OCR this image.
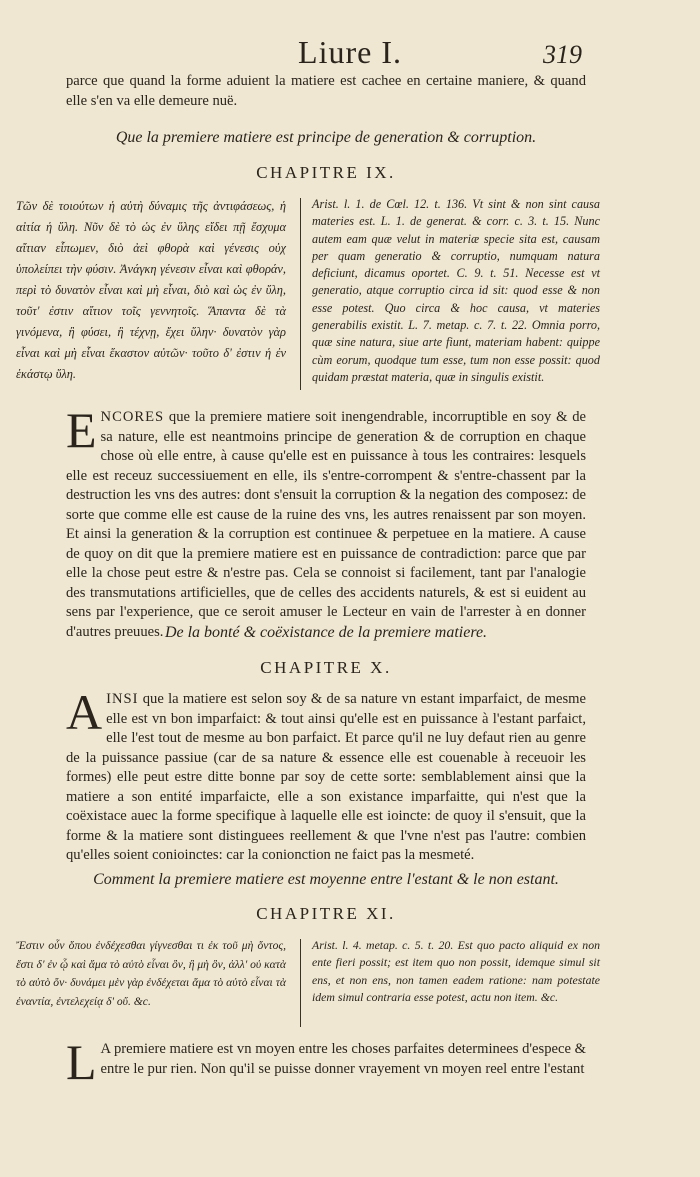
Liure I.	319

parce que quand la forme aduient la matiere est cachee en certaine maniere, & quand elle s'en va elle demeure nuë.

Que la premiere matiere est principe de generation & corruption.
CHAPITRE IX.
Τῶν δὲ τοιούτων ἡ αὐτὴ δύναμις τῆς ἀντιφάσεως, ἡ αἰτία ἡ ὕλη. Νῦν δὲ τὸ ὡς ἐν ὕλης εἴδει πῇ ἔσχυμα αἴτιαν εἶπωμεν, διὸ ἀεὶ φθορὰ καὶ γένεσις οὐχ ὑπολείπει τὴν φύσιν. Ἀνάγκη γένεσιν εἶναι καὶ φθοράν, περὶ τὸ δυνατὸν εἶναι καὶ μὴ εἶναι, διὸ καὶ ὡς ἐν ὕλη, τοῦτ' ἐστιν αἴτιον τοῖς γεννητοῖς. Ἅπαντα δὲ τὰ γινόμενα, ἢ φύσει, ἢ τέχνῃ, ἔχει ὕλην· δυνατὸν γὰρ εἶναι καὶ μὴ εἶναι ἕκαστον αὐτῶν· τοῦτο δ' ἐστιν ἡ ἐν ἑκάστῳ ὕλη.
Arist. l. 1. de Cœl. 12. t. 136. Vt sint & non sint causa materies est. L. 1. de generat. & corr. c. 3. t. 15. Nunc autem eam quæ velut in materiæ specie sita est, causam per quam generatio & corruptio, numquam natura deficiunt, dicamus oportet. C. 9. t. 51. Necesse est vt generatio, atque corruptio circa id sit: quod esse & non esse potest. Quo circa & hoc causa, vt materies generabilis existit. L. 7. metap. c. 7. t. 22. Omnia porro, quæ sine natura, siue arte fiunt, materiam habent: quippe cùm eorum, quodque tum esse, tum non esse possit: quod quidam præstat materia, quæ in singulis existit.

ENCORES que la premiere matiere soit inengendrable, incorruptible en soy & de sa nature, elle est neantmoins principe de generation & de corruption en chaque chose où elle entre, à cause qu'elle est en puissance à tous les contraires: lesquels elle est receuz successiuement en elle, ils s'entre-corrompent & s'entre-chassent par la destruction les vns des autres: dont s'ensuit la corruption & la negation des composez: de sorte que comme elle est cause de la ruine des vns, les autres renaissent par son moyen. Et ainsi la generation & la corruption est continuee & perpetuee en la matiere. A cause de quoy on dit que la premiere matiere est en puissance de contradiction: parce que par elle la chose peut estre & n'estre pas. Cela se connoist si facilement, tant par l'analogie des transmutations artificielles, que de celles des accidents naturels, & est si euident au sens par l'experience, que ce seroit amuser le Lecteur en vain de l'arrester à en donner d'autres preuues. De la bonté & coëxistance de la premiere matiere.
CHAPITRE X.

AINSI que la matiere est selon soy & de sa nature vn estant imparfaict, de mesme elle est vn bon imparfaict: & tout ainsi qu'elle est en puissance à l'estant parfaict, elle l'est tout de mesme au bon parfaict. Et parce qu'il ne luy defaut rien au genre de la puissance passiue (car de sa nature & essence elle est couenable à receuoir les formes) elle peut estre ditte bonne par soy de cette sorte: semblablement ainsi que la matiere a son entité imparfaicte, elle a son existance imparfaitte, qui n'est que la coëxistace auec la forme specifique à laquelle elle est ioincte: de quoy il s'ensuit, que la forme & la matiere sont distinguees reellement & que l'vne n'est pas l'autre: combien qu'elles soient conioinctes: car la conionction ne faict pas la mesmeté.

Comment la premiere matiere est moyenne entre l'estant & le non estant.
CHAPITRE XI.
Ἔστιν οὖν ὅπου ἐνδέχεσθαι γίγνεσθαι τι ἐκ τοῦ μὴ ὄντος, ἔστι δ' ἐν ᾧ καὶ ἅμα τὸ αὐτὸ εἶναι ὂν, ἢ μὴ ὂν, ἀλλ' οὐ κατὰ τὸ αὐτὸ ὄν· δυνάμει μὲν γὰρ ἐνδέχεται ἅμα τὸ αὐτὸ εἶναι τὰ ἐναντία, ἐντελεχείᾳ δ' οὔ. &c.
Arist. l. 4. metap. c. 5. t. 20. Est quo pacto aliquid ex non ente fieri possit; est item quo non possit, idemque simul sit ens, et non ens, non tamen eadem ratione: nam potestate idem simul contraria esse potest, actu non item. &c.

L A premiere matiere est vn moyen entre les choses parfaites determinees d'espece & entre le pur rien. Non qu'il se puisse donner vrayement vn moyen reel entre l'estant
